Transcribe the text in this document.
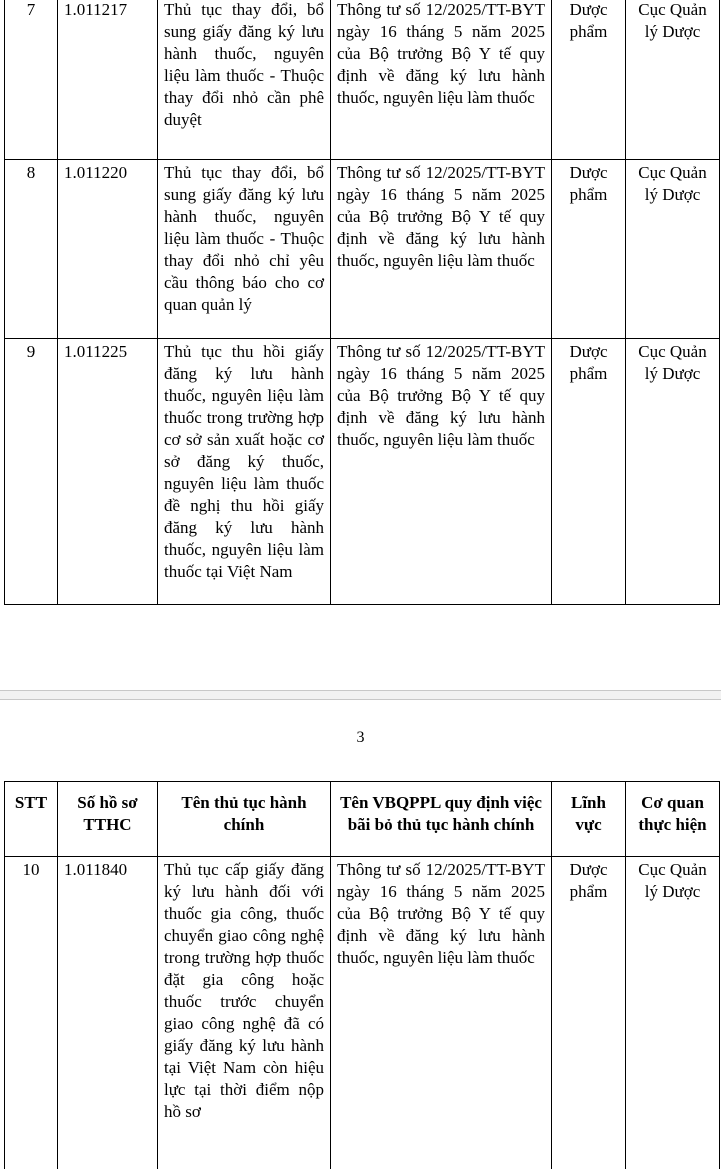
7	1.011217	Thủ tục thay đổi, bổ sung giấy đăng ký lưu hành thuốc, nguyên liệu làm thuốc - Thuộc thay đổi nhỏ cần phê duyệt	Thông tư số 12/2025/TT-BYT ngày 16 tháng 5 năm 2025 của Bộ trưởng Bộ Y tế quy định về đăng ký lưu hành thuốc, nguyên liệu làm thuốc	Dược phẩm	Cục Quản lý Dược
8	1.011220	Thủ tục thay đổi, bổ sung giấy đăng ký lưu hành thuốc, nguyên liệu làm thuốc - Thuộc thay đổi nhỏ chỉ yêu cầu thông báo cho cơ quan quản lý	Thông tư số 12/2025/TT-BYT ngày 16 tháng 5 năm 2025 của Bộ trưởng Bộ Y tế quy định về đăng ký lưu hành thuốc, nguyên liệu làm thuốc	Dược phẩm	Cục Quản lý Dược
9	1.011225	Thủ tục thu hồi giấy đăng ký lưu hành thuốc, nguyên liệu làm thuốc trong trường hợp cơ sở sản xuất hoặc cơ sở đăng ký thuốc, nguyên liệu làm thuốc đề nghị thu hồi giấy đăng ký lưu hành thuốc, nguyên liệu làm thuốc tại Việt Nam	Thông tư số 12/2025/TT-BYT ngày 16 tháng 5 năm 2025 của Bộ trưởng Bộ Y tế quy định về đăng ký lưu hành thuốc, nguyên liệu làm thuốc	Dược phẩm	Cục Quản lý Dược
3
STT	Số hồ sơ TTHC	Tên thủ tục hành chính	Tên VBQPPL quy định việc bãi bỏ thủ tục hành chính	Lĩnh vực	Cơ quan thực hiện
10	1.011840	Thủ tục cấp giấy đăng ký lưu hành đối với thuốc gia công, thuốc chuyển giao công nghệ trong trường hợp thuốc đặt gia công hoặc thuốc trước chuyển giao công nghệ đã có giấy đăng ký lưu hành tại Việt Nam còn hiệu lực tại thời điểm nộp hồ sơ	Thông tư số 12/2025/TT-BYT ngày 16 tháng 5 năm 2025 của Bộ trưởng Bộ Y tế quy định về đăng ký lưu hành thuốc, nguyên liệu làm thuốc	Dược phẩm	Cục Quản lý Dược
